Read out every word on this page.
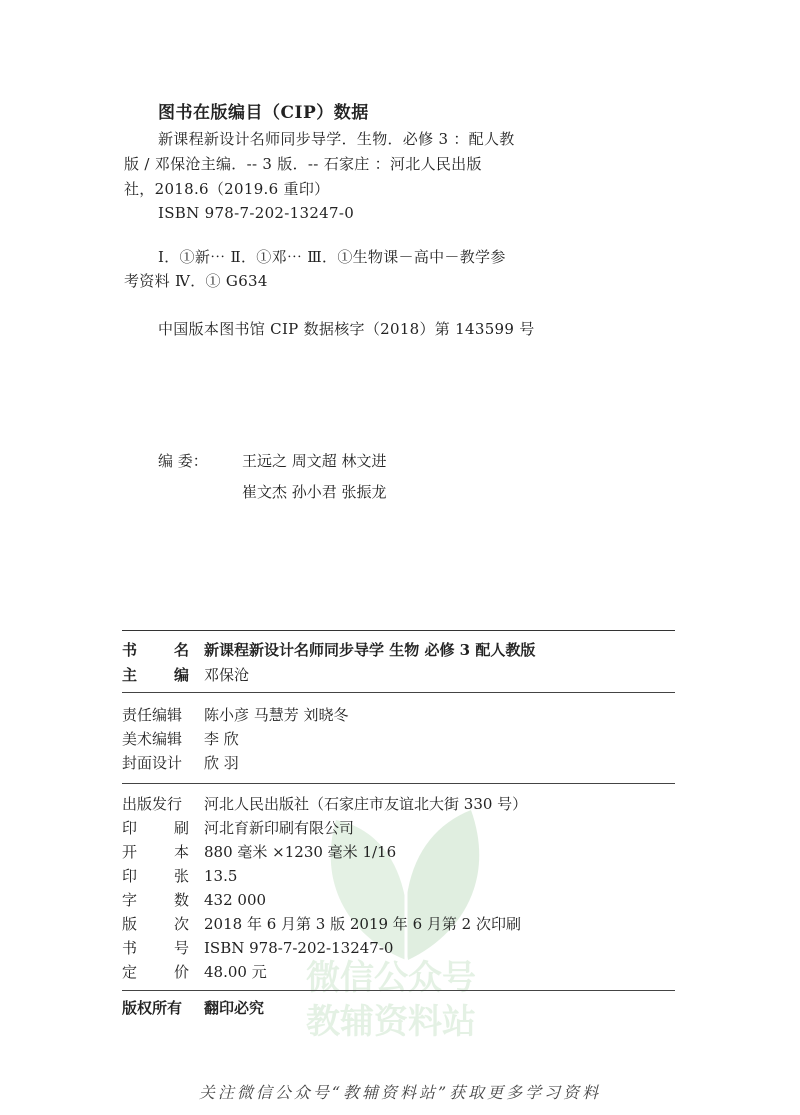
图书在版编目（CIP）数据
新课程新设计名师同步导学．生物．必修 3 ：配人教
版 / 邓保沧主编．-- 3 版．-- 石家庄 ：河北人民出版
社，2018.6（2019.6 重印）
ISBN 978-7-202-13247-0
Ⅰ．①新⋯ Ⅱ．①邓⋯ Ⅲ．①生物课－高中－教学参
考资料 Ⅳ．① G634
中国版本图书馆 CIP 数据核字（2018）第 143599 号
编 委： 王远之 周文超 林文进
崔文杰 孙小君 张振龙
微信公众号
教辅资料站
书 名 新课程新设计名师同步导学 生物 必修 3 配人教版
主 编 邓保沧
责任编辑 陈小彦 马慧芳 刘晓冬
美术编辑 李 欣
封面设计 欣 羽
出版发行 河北人民出版社（石家庄市友谊北大街 330 号）
印 刷 河北育新印刷有限公司
开 本 880 毫米 ×1230 毫米 1/16
印 张 13.5
字 数 432 000
版 次 2018 年 6 月第 3 版 2019 年 6 月第 2 次印刷
书 号 ISBN 978-7-202-13247-0
定 价 48.00 元
版权所有 翻印必究
关注微信公众号“教辅资料站”获取更多学习资料
